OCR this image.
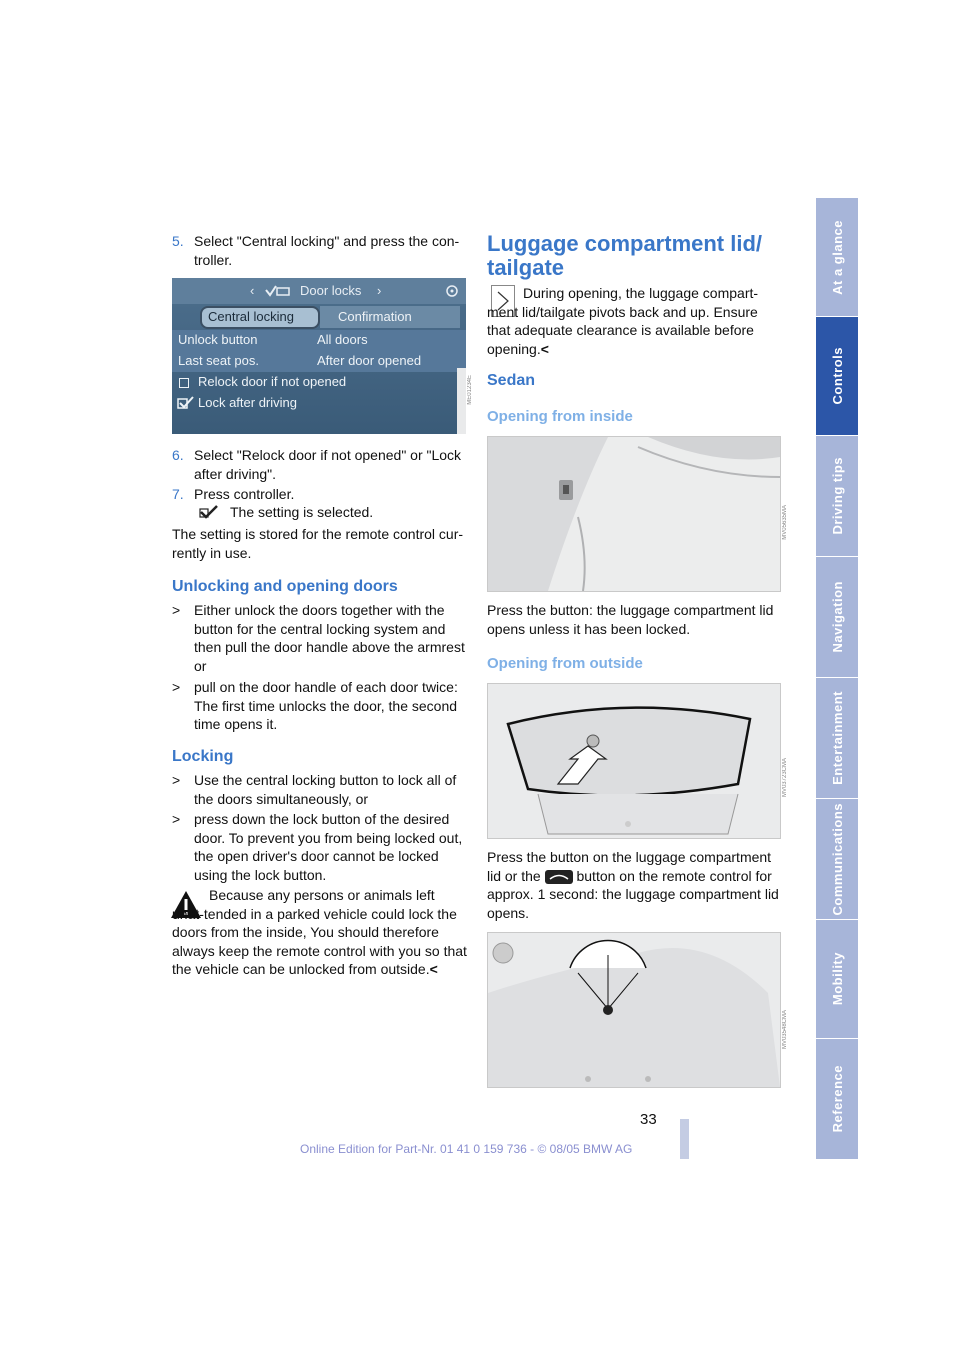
At a glance
Controls
Driving tips
Navigation
Entertainment
Communications
Mobility
Reference
5. Select "Central locking" and press the con-troller.
‹	Door locks ›
Central locking	Confirmation
Unlock button	All doors
Last seat pos.	After door opened
Relock door if not opened
Lock after driving	ME01234E
6. Select "Relock door if not opened" or "Lock after driving".
7. Press controller.
The setting is selected.
The setting is stored for the remote control cur-rently in use.
Unlocking and opening doors
> Either unlock the doors together with the button for the central locking system and then pull the door handle above the armrest or
> pull on the door handle of each door twice: The first time unlocks the door, the second time opens it.
Locking
> Use the central locking button to lock all of the doors simultaneously, or
> press down the lock button of the desired door. To prevent you from being locked out, the open driver's door cannot be locked using the lock button.
Because any persons or animals left unat-tended in a parked vehicle could lock the doors from the inside, You should therefore always keep the remote control with you so that the vehicle can be unlocked from outside.<
Luggage compartment lid/ tailgate
During opening, the luggage compart-ment lid/tailgate pivots back and up. Ensure that adequate clearance is available before opening.<
Sedan
Opening from inside
MV05635MA
Press the button: the luggage compartment lid opens unless it has been locked.
Opening from outside
MV03723CMA
Press the button on the luggage compartment lid or the	button on the remote control for approx. 1 second: the luggage compartment lid opens.
MV03548CMA
33
Online Edition for Part-Nr. 01 41 0 159 736 - © 08/05 BMW AG
